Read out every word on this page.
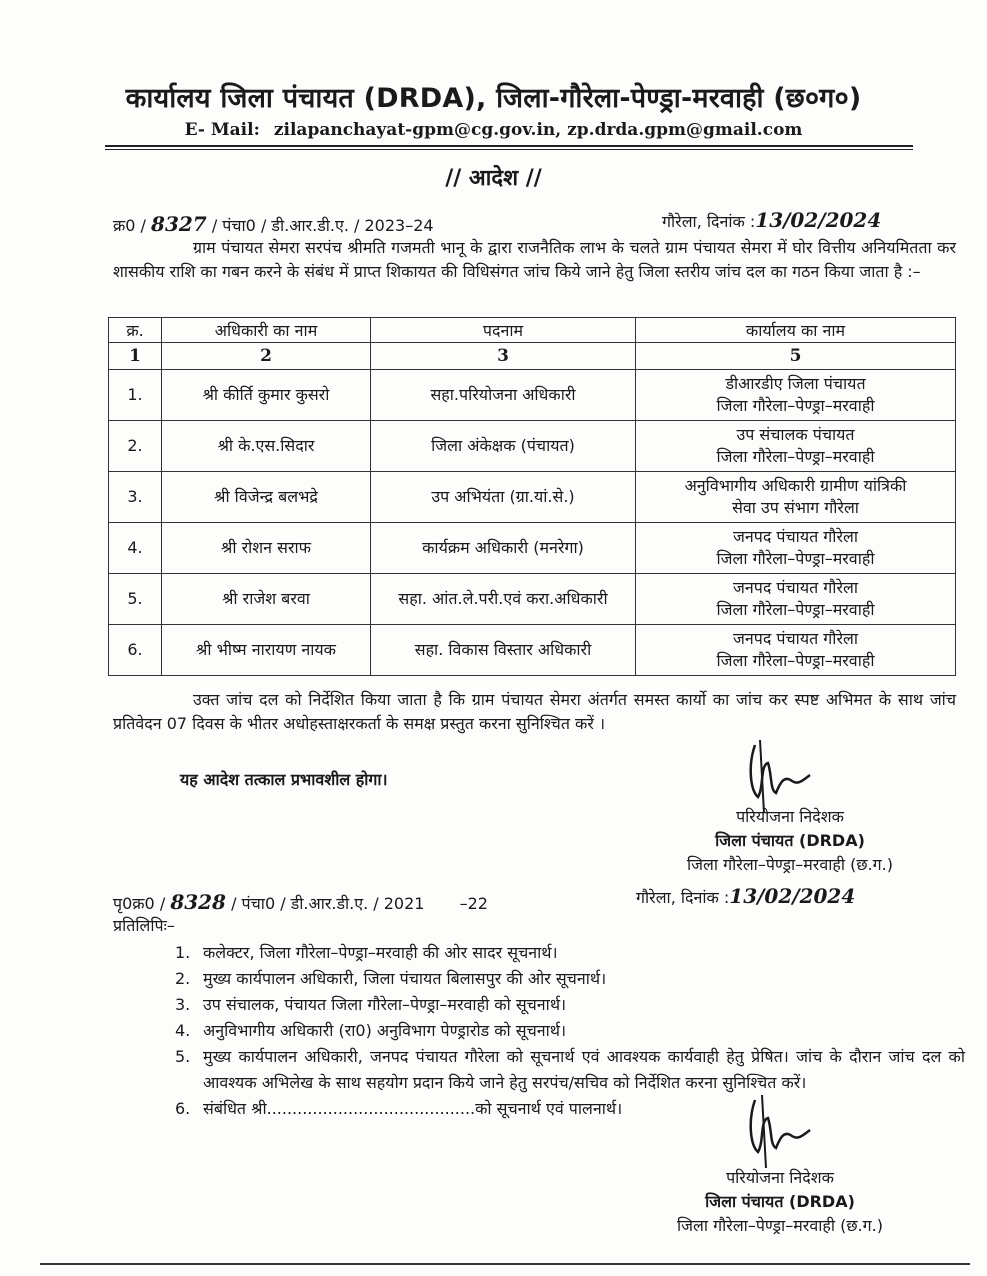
कार्यालय जिला पंचायत (DRDA), जिला-गौरेला-पेण्ड्रा-मरवाही (छ०ग०)
E- Mail: zilapanchayat-gpm@cg.gov.in, zp.drda.gpm@gmail.com
// आदेश //
क्र0 / 8327 / पंचा0 / डी.आर.डी.ए. / 2023–24	गौरेला, दिनांक :13/02/2024
ग्राम पंचायत सेमरा सरपंच श्रीमति गजमती भानू के द्वारा राजनैतिक लाभ के चलते ग्राम पंचायत सेमरा में घोर वित्तीय अनियमितता कर शासकीय राशि का गबन करने के संबंध में प्राप्त शिकायत की विधिसंगत जांच किये जाने हेतु जिला स्तरीय जांच दल का गठन किया जाता है :–
क्र.	अधिकारी का नाम	पदनाम	कार्यालय का नाम
1	2	3	5
1.	श्री कीर्ति कुमार कुसरो	सहा.परियोजना अधिकारी	डीआरडीए जिला पंचायत
जिला गौरेला–पेण्ड्रा–मरवाही

2.	श्री के.एस.सिदार	जिला अंकेक्षक (पंचायत)	उप संचालक पंचायत
जिला गौरेला–पेण्ड्रा–मरवाही

3.	श्री विजेन्द्र बलभद्रे	उप अभियंता (ग्रा.यां.से.)	अनुविभागीय अधिकारी ग्रामीण यांत्रिकी
सेवा उप संभाग गौरेला

4.	श्री रोशन सराफ	कार्यक्रम अधिकारी (मनरेगा)	जनपद पंचायत गौरेला
जिला गौरेला–पेण्ड्रा–मरवाही

5.	श्री राजेश बरवा	सहा. आंत.ले.परी.एवं करा.अधिकारी	जनपद पंचायत गौरेला
जिला गौरेला–पेण्ड्रा–मरवाही

6.	श्री भीष्म नारायण नायक	सहा. विकास विस्तार अधिकारी	जनपद पंचायत गौरेला
जिला गौरेला–पेण्ड्रा–मरवाही
उक्त जांच दल को निर्देशित किया जाता है कि ग्राम पंचायत सेमरा अंतर्गत समस्त कार्यो का जांच कर स्पष्ट अभिमत के साथ जांच प्रतिवेदन 07 दिवस के भीतर अधोहस्ताक्षरकर्ता के समक्ष प्रस्तुत करना सुनिश्चित करें ।
यह आदेश तत्काल प्रभावशील होगा।
परियोजना निदेशक
जिला पंचायत (DRDA)
जिला गौरेला–पेण्ड्रा–मरवाही (छ.ग.)
पृ0क्र0 / 8328 / पंचा0 / डी.आर.डी.ए. / 2021 –22	गौरेला, दिनांक :13/02/2024
प्रतिलिपिः–
1. कलेक्टर, जिला गौरेला–पेण्ड्रा–मरवाही की ओर सादर सूचनार्थ।
2. मुख्य कार्यपालन अधिकारी, जिला पंचायत बिलासपुर की ओर सूचनार्थ।
3. उप संचालक, पंचायत जिला गौरेला–पेण्ड्रा–मरवाही को सूचनार्थ।
4. अनुविभागीय अधिकारी (रा0) अनुविभाग पेण्ड्रारोड को सूचनार्थ।
5. मुख्य कार्यपालन अधिकारी, जनपद पंचायत गौरेला को सूचनार्थ एवं आवश्यक कार्यवाही हेतु प्रेषित। जांच के दौरान जांच दल को आवश्यक अभिलेख के साथ सहयोग प्रदान किये जाने हेतु सरपंच/सचिव को निर्देशित करना सुनिश्चित करें।
6. संबंधित श्री.........................................को सूचनार्थ एवं पालनार्थ।
परियोजना निदेशक
जिला पंचायत (DRDA)
जिला गौरेला–पेण्ड्रा–मरवाही (छ.ग.)
